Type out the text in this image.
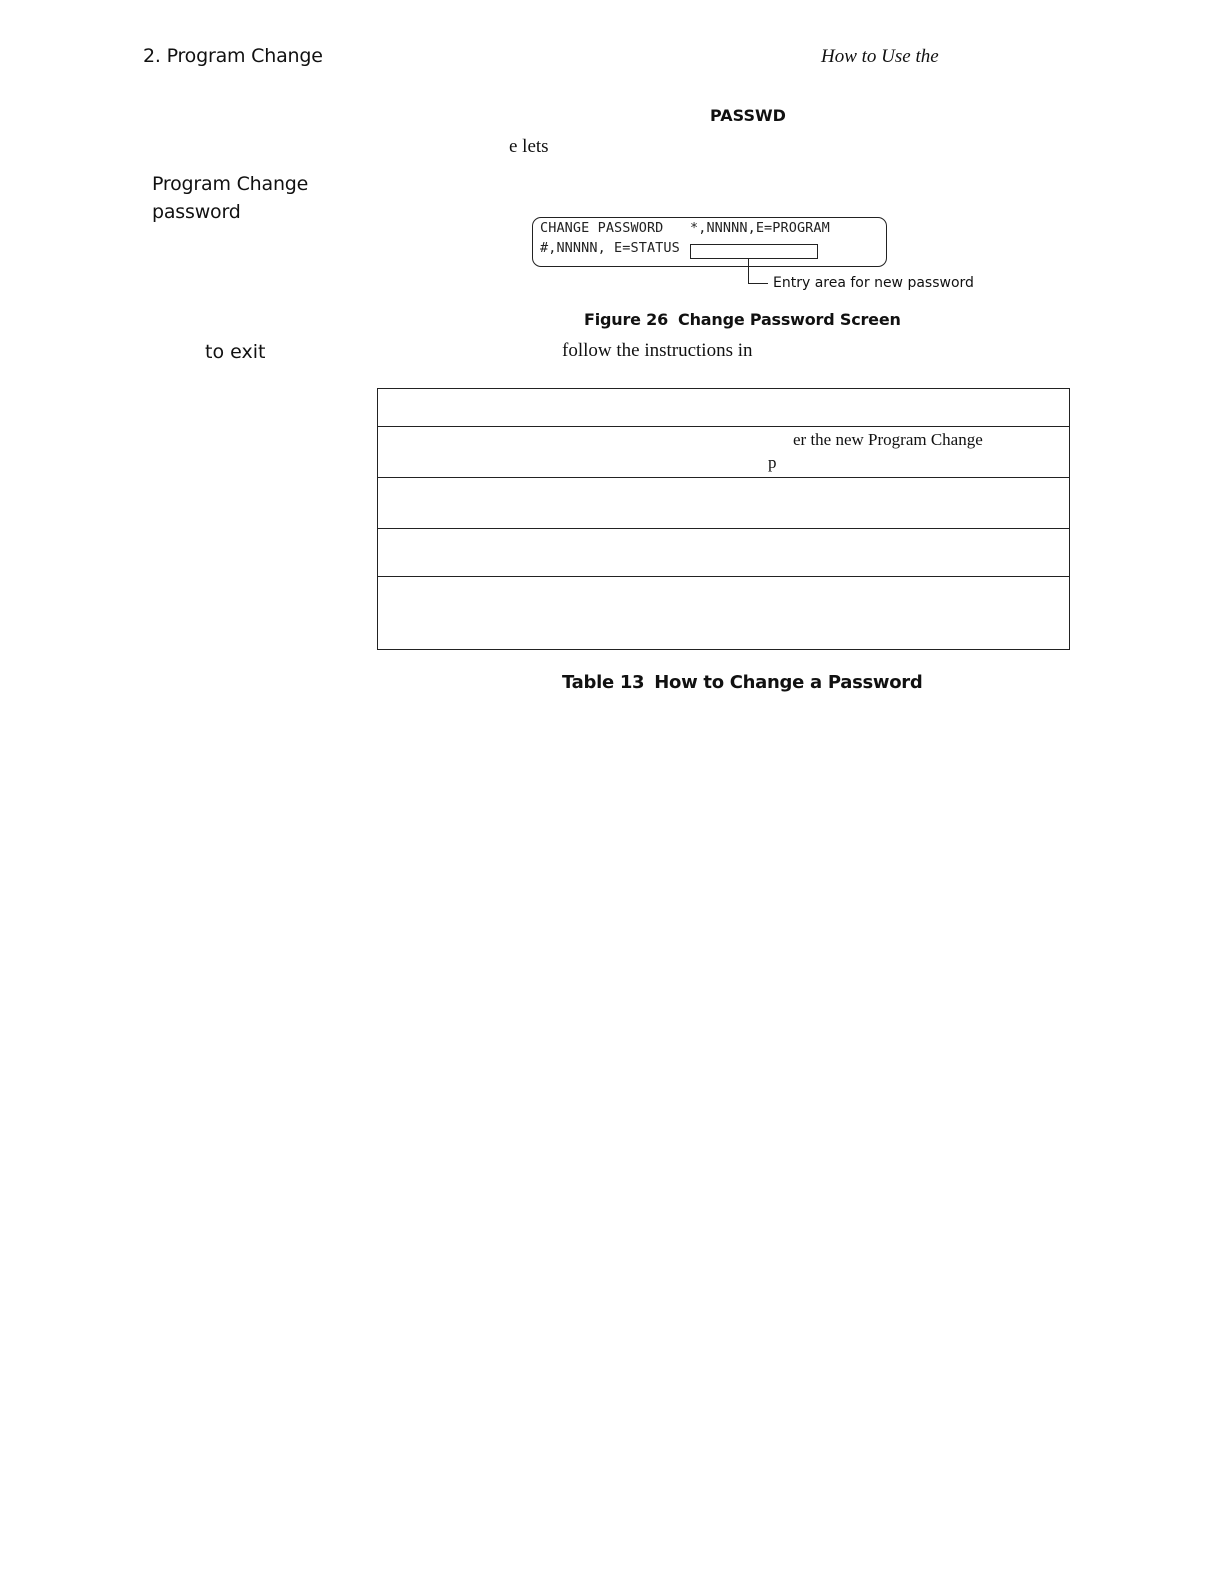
2. Program Change	How to Use the
PASSWD
e lets
Program Change
password
CHANGE PASSWORD *,NNNNN,E=PROGRAM
#,NNNNN, E=STATUS
Entry area for new password
Figure 26 Change Password Screen
to exit	follow the instructions in
er the new Program Change
p
Table 13 How to Change a Password
